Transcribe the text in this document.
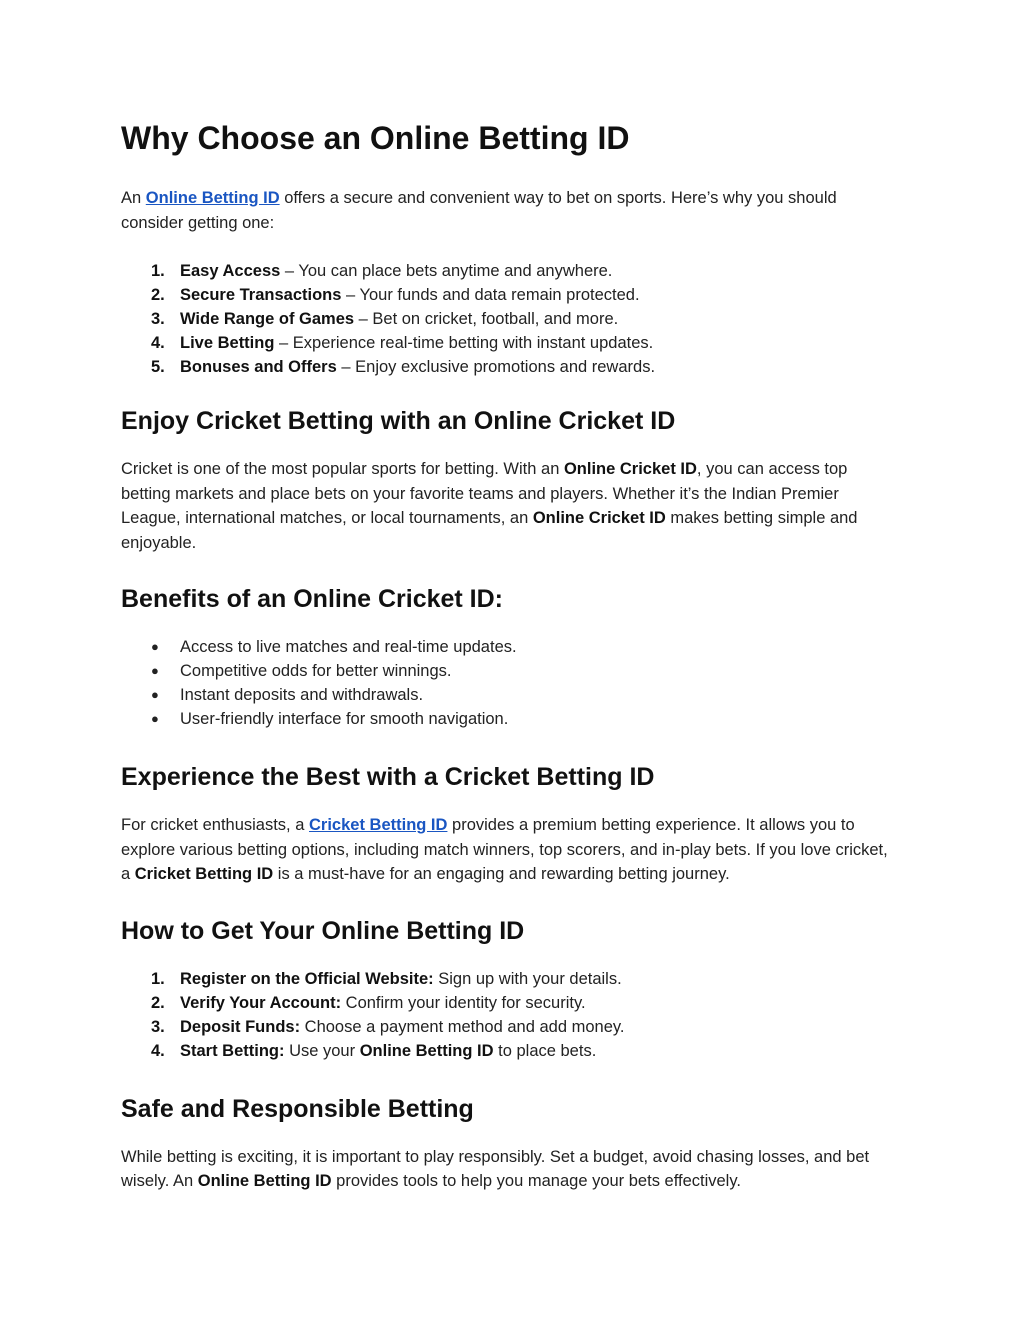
Why Choose an Online Betting ID

An Online Betting ID offers a secure and convenient way to bet on sports. Here’s why you should consider getting one:

1. Easy Access – You can place bets anytime and anywhere.
2. Secure Transactions – Your funds and data remain protected.
3. Wide Range of Games – Bet on cricket, football, and more.
4. Live Betting – Experience real-time betting with instant updates.
5. Bonuses and Offers – Enjoy exclusive promotions and rewards.
Enjoy Cricket Betting with an Online Cricket ID

Cricket is one of the most popular sports for betting. With an Online Cricket ID, you can access top betting markets and place bets on your favorite teams and players. Whether it’s the Indian Premier League, international matches, or local tournaments, an Online Cricket ID makes betting simple and enjoyable.

Benefits of an Online Cricket ID:
● Access to live matches and real-time updates.
● Competitive odds for better winnings.
● Instant deposits and withdrawals.
● User-friendly interface for smooth navigation.
Experience the Best with a Cricket Betting ID

For cricket enthusiasts, a Cricket Betting ID provides a premium betting experience. It allows you to explore various betting options, including match winners, top scorers, and in-play bets. If you love cricket, a Cricket Betting ID is a must-have for an engaging and rewarding betting journey.

How to Get Your Online Betting ID
1. Register on the Official Website: Sign up with your details.
2. Verify Your Account: Confirm your identity for security.
3. Deposit Funds: Choose a payment method and add money.
4. Start Betting: Use your Online Betting ID to place bets.
Safe and Responsible Betting

While betting is exciting, it is important to play responsibly. Set a budget, avoid chasing losses, and bet wisely. An Online Betting ID provides tools to help you manage your bets effectively.
